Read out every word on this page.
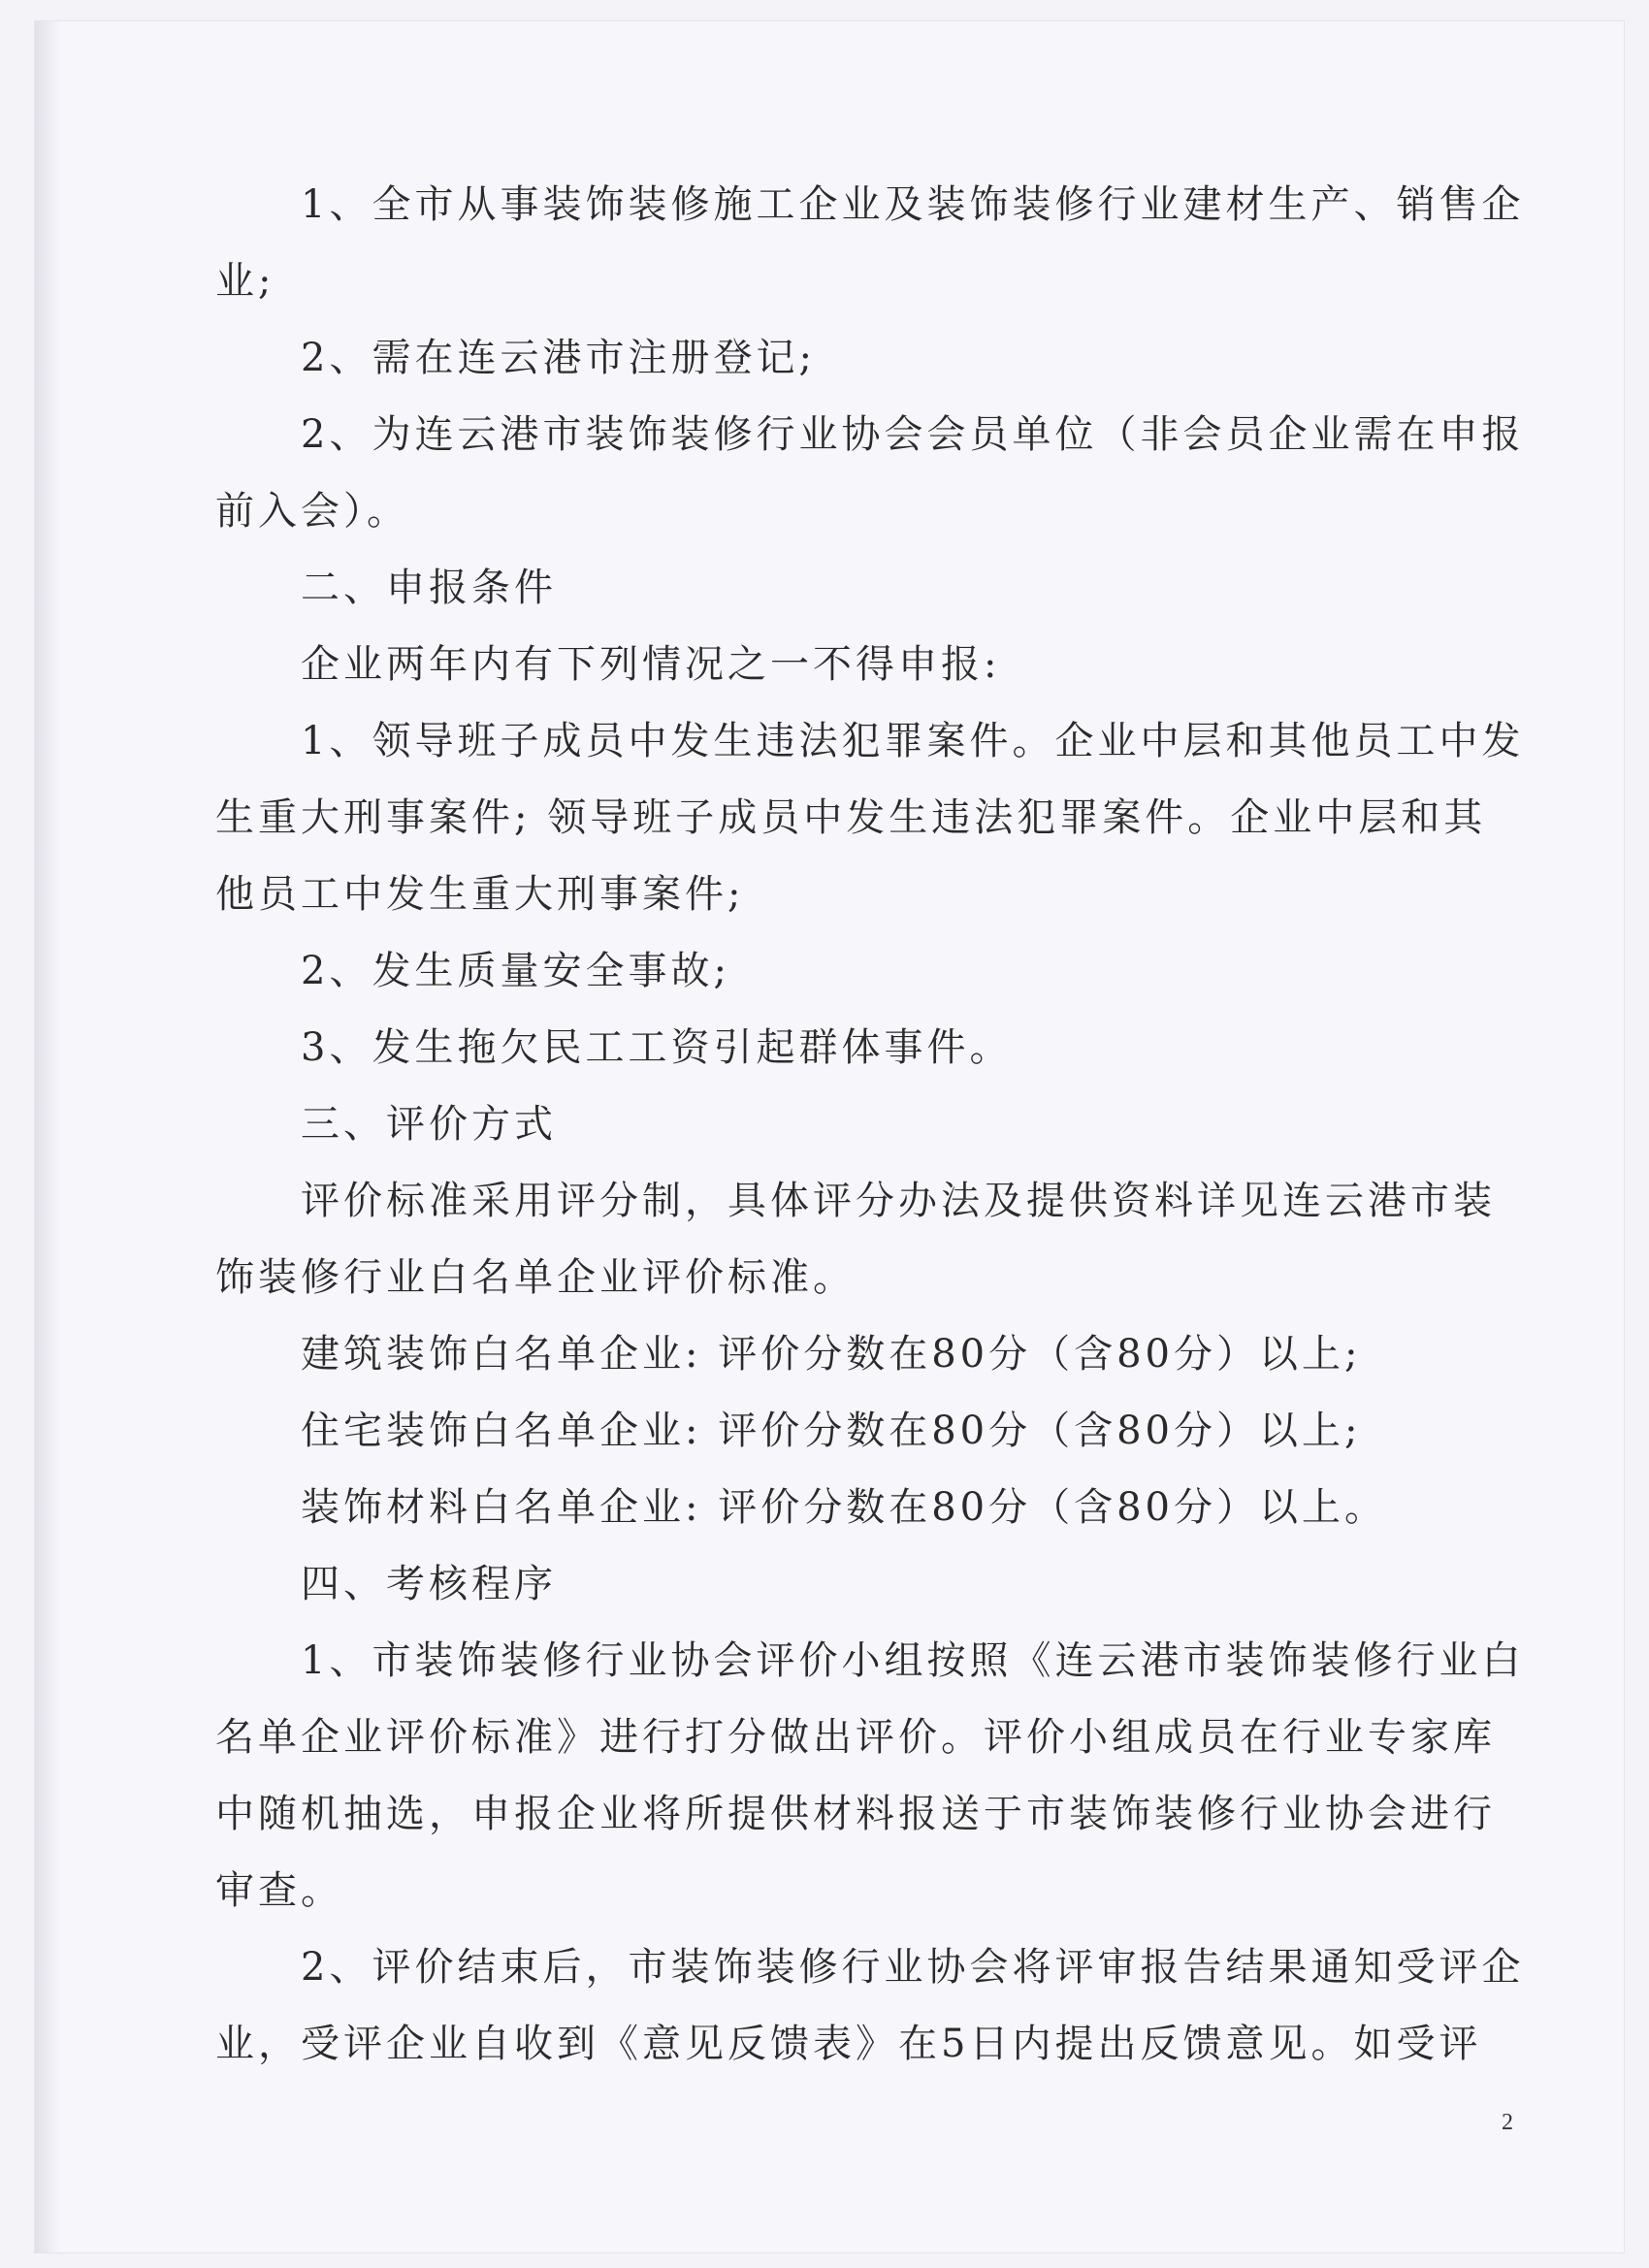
1、全市从事装饰装修施工企业及装饰装修行业建材生产、销售企

业;

2、需在连云港市注册登记;

2、为连云港市装饰装修行业协会会员单位（非会员企业需在申报

前入会）。

二、申报条件

企业两年内有下列情况之一不得申报:

1、领导班子成员中发生违法犯罪案件。企业中层和其他员工中发

生重大刑事案件; 领导班子成员中发生违法犯罪案件。企业中层和其

他员工中发生重大刑事案件;

2、发生质量安全事故;

3、发生拖欠民工工资引起群体事件。

三、评价方式

评价标准采用评分制，具体评分办法及提供资料详见连云港市装

饰装修行业白名单企业评价标准。

建筑装饰白名单企业: 评价分数在80分（含80分）以上;

住宅装饰白名单企业: 评价分数在80分（含80分）以上;

装饰材料白名单企业: 评价分数在80分（含80分）以上。

四、考核程序

1、市装饰装修行业协会评价小组按照《连云港市装饰装修行业白

名单企业评价标准》进行打分做出评价。评价小组成员在行业专家库

中随机抽选，申报企业将所提供材料报送于市装饰装修行业协会进行

审查。

2、评价结束后，市装饰装修行业协会将评审报告结果通知受评企

业，受评企业自收到《意见反馈表》在5日内提出反馈意见。如受评

2
